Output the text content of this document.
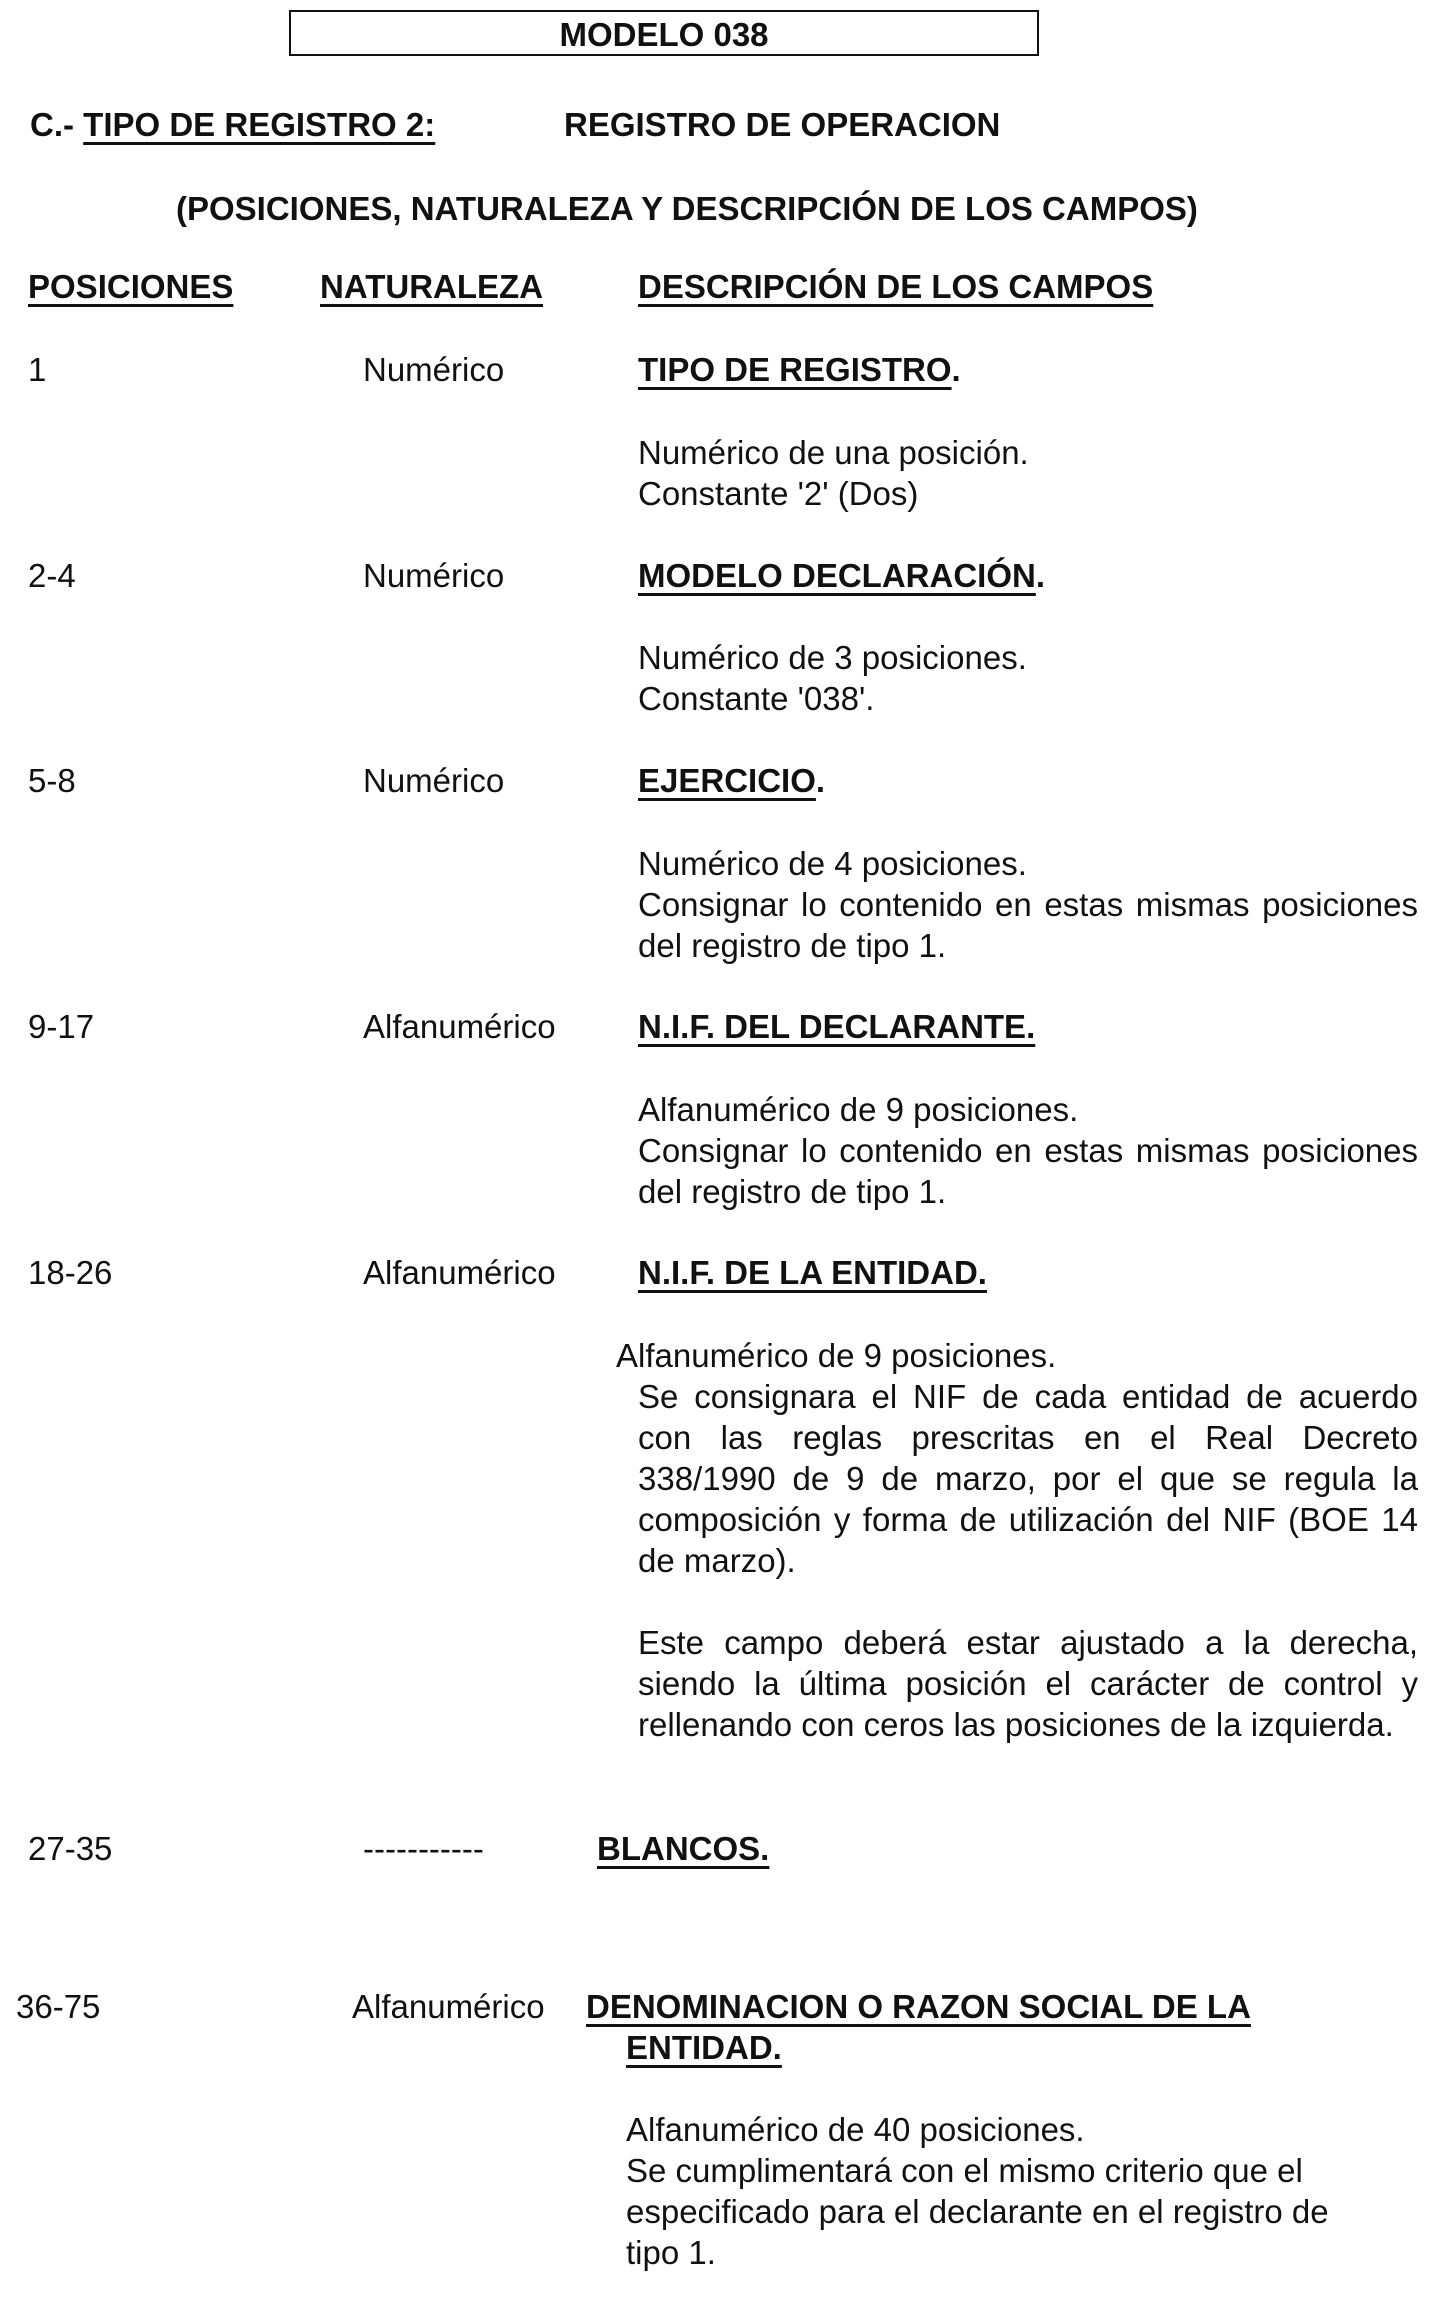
MODELO 038
C.- TIPO DE REGISTRO 2:	REGISTRO DE OPERACION
(POSICIONES, NATURALEZA Y DESCRIPCIÓN DE LOS CAMPOS)
POSICIONES	NATURALEZA	DESCRIPCIÓN DE LOS CAMPOS
1	Numérico	TIPO DE REGISTRO.
Numérico de una posición.
Constante '2' (Dos)
2-4	Numérico	MODELO DECLARACIÓN.
Numérico de 3 posiciones.
Constante '038'.
5-8	Numérico	EJERCICIO.
Numérico de 4 posiciones.
Consignar lo contenido en estas mismas posiciones del registro de tipo 1.
9-17	Alfanumérico N.I.F. DEL DECLARANTE.
Alfanumérico de 9 posiciones.
Consignar lo contenido en estas mismas posiciones del registro de tipo 1.
18-26	Alfanumérico N.I.F. DE LA ENTIDAD.
Alfanumérico de 9 posiciones.
Se consignara el NIF de cada entidad de acuerdo con las reglas prescritas en el Real Decreto 338/1990 de 9 de marzo, por el que se regula la composición y forma de utilización del NIF (BOE 14 de marzo).
Este campo deberá estar ajustado a la derecha, siendo la última posición el carácter de control y rellenando con ceros las posiciones de la izquierda.
27-35	-----------	BLANCOS.
36-75	Alfanumérico DENOMINACION O RAZON SOCIAL DE LA
ENTIDAD.
Alfanumérico de 40 posiciones.
Se cumplimentará con el mismo criterio que el especificado para el declarante en el registro de tipo 1.
